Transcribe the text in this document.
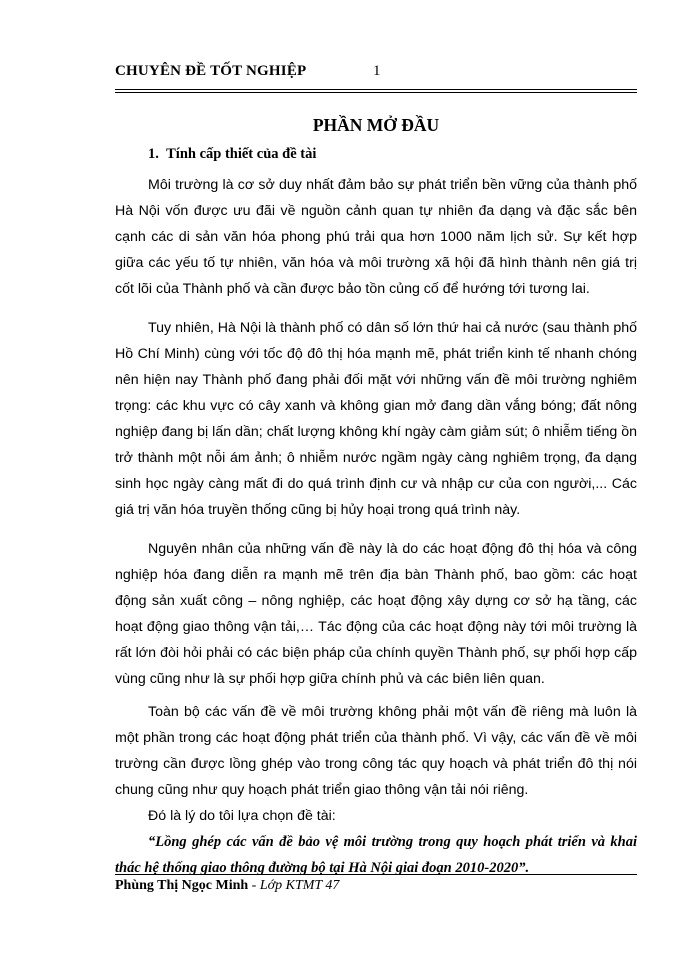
CHUYÊN ĐỀ TỐT NGHIỆP	1
PHẦN MỞ ĐẦU
1. Tính cấp thiết của đề tài

Môi trường là cơ sở duy nhất đảm bảo sự phát triển bền vững của thành phố Hà Nội vốn được ưu đãi về nguồn cảnh quan tự nhiên đa dạng và đặc sắc bên cạnh các di sản văn hóa phong phú trải qua hơn 1000 năm lịch sử. Sự kết hợp giữa các yếu tố tự nhiên, văn hóa và môi trường xã hội đã hình thành nên giá trị cốt lõi của Thành phố và cần được bảo tồn củng cố để hướng tới tương lai.

Tuy nhiên, Hà Nội là thành phố có dân số lớn thứ hai cả nước (sau thành phố Hồ Chí Minh) cùng với tốc độ đô thị hóa mạnh mẽ, phát triển kinh tế nhanh chóng nên hiện nay Thành phố đang phải đối mặt với những vấn đề môi trường nghiêm trọng: các khu vực có cây xanh và không gian mở đang dần vắng bóng; đất nông nghiệp đang bị lấn dần; chất lượng không khí ngày càm giảm sút; ô nhiễm tiếng ồn trở thành một nỗi ám ảnh; ô nhiễm nước ngầm ngày càng nghiêm trọng, đa dạng sinh học ngày càng mất đi do quá trình định cư và nhập cư của con người,... Các giá trị văn hóa truyền thống cũng bị hủy hoại trong quá trình này.

Nguyên nhân của những vấn đề này là do các hoạt động đô thị hóa và công nghiệp hóa đang diễn ra mạnh mẽ trên địa bàn Thành phố, bao gồm: các hoạt động sản xuất công – nông nghiệp, các hoạt động xây dựng cơ sở hạ tầng, các hoạt động giao thông vận tải,… Tác động của các hoạt động này tới môi trường là rất lớn đòi hỏi phải có các biện pháp của chính quyền Thành phố, sự phối hợp cấp vùng cũng như là sự phối hợp giữa chính phủ và các biên liên quan.

Toàn bộ các vấn đề về môi trường không phải một vấn đề riêng mà luôn là một phần trong các hoạt động phát triển của thành phố. Vì vậy, các vấn đề về môi trường cần được lồng ghép vào trong công tác quy hoạch và phát triển đô thị nói chung cũng như quy hoạch phát triển giao thông vận tải nói riêng.

Đó là lý do tôi lựa chọn đề tài:

“Lồng ghép các vấn đề bảo vệ môi trường trong quy hoạch phát triển và khai thác hệ thống giao thông đường bộ tại Hà Nội giai đoạn 2010-2020”.

Phùng Thị Ngọc Minh - Lớp KTMT 47
